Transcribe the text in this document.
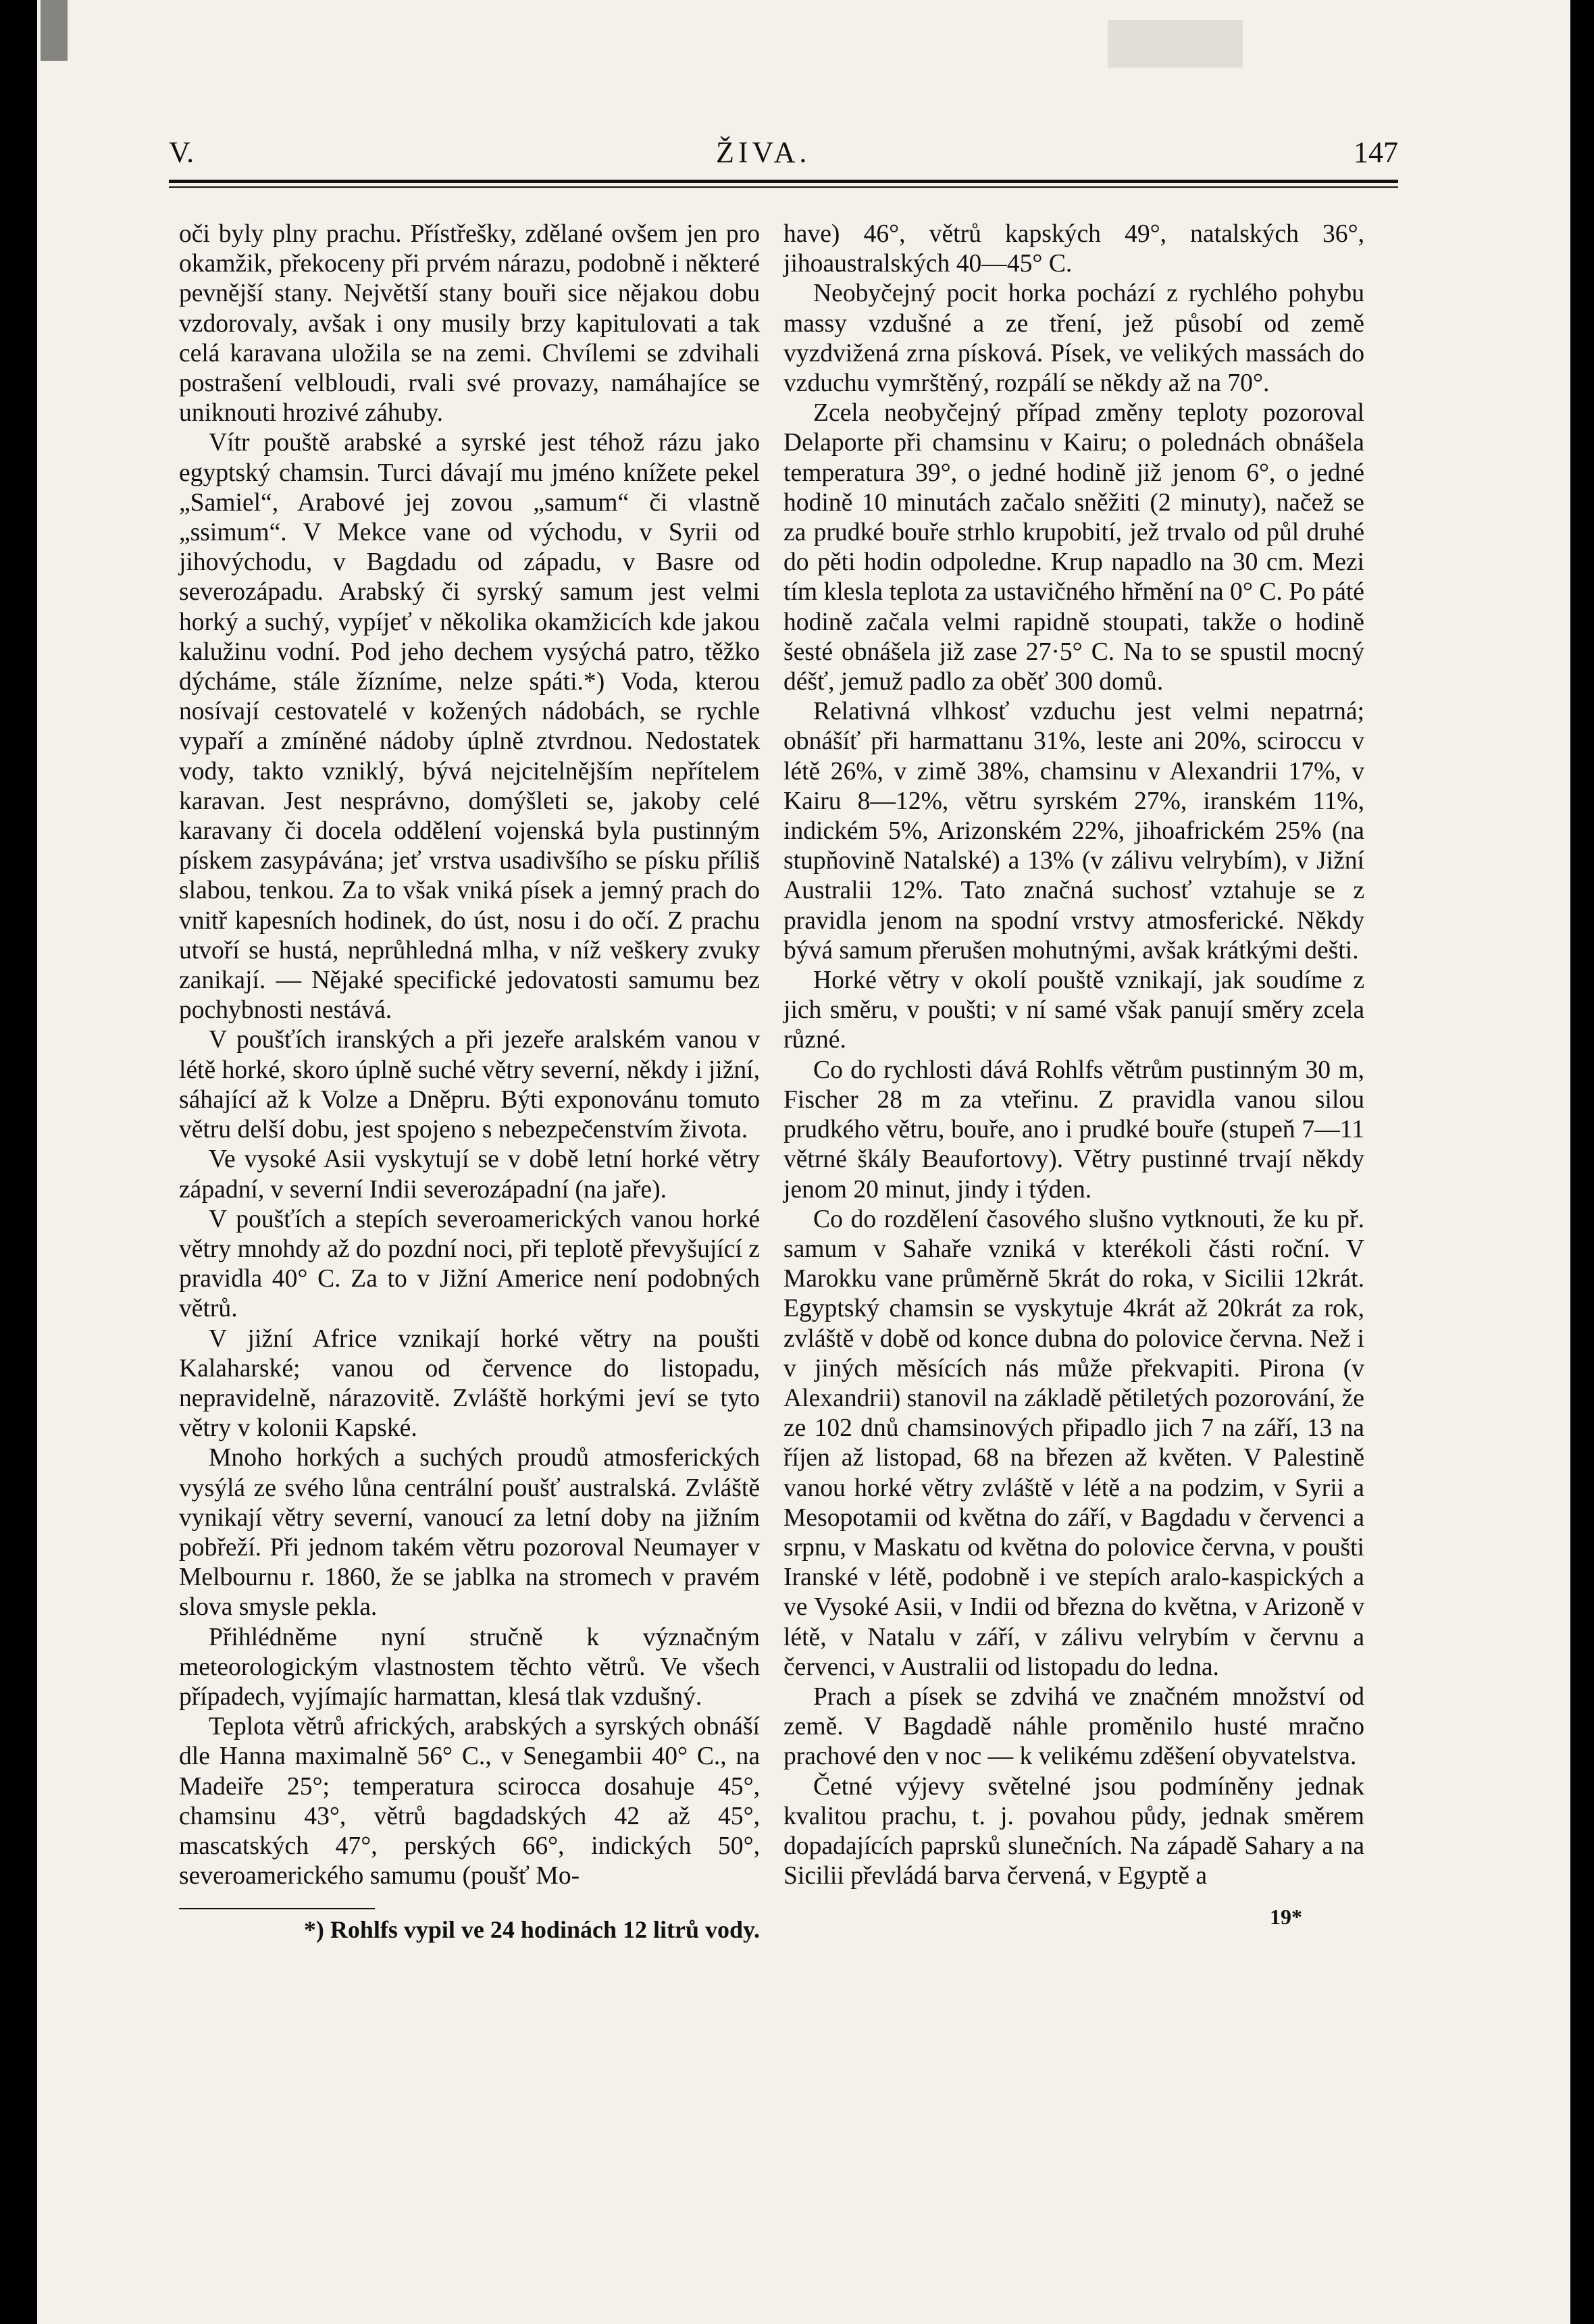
V.	ŽIVA.	147

oči byly plny prachu. Přístřešky, zdělané ovšem jen pro okamžik, překoceny při prvém nárazu, podobně i některé pevnější stany. Největší stany bouři sice nějakou dobu vzdorovaly, avšak i ony musily brzy kapitulovati a tak celá karavana uložila se na zemi. Chvílemi se zdvihali postrašení velbloudi, rvali své provazy, namáhajíce se uniknouti hrozivé záhuby.

Vítr pouště arabské a syrské jest téhož rázu jako egyptský chamsin. Turci dávají mu jméno knížete pekel „Samiel“, Arabové jej zovou „samum“ či vlastně „ssimum“. V Mekce vane od východu, v Syrii od jihovýchodu, v Bagdadu od západu, v Basre od severozápadu. Arabský či syrský samum jest velmi horký a suchý, vypíjeť v několika okamžicích kde jakou kalužinu vodní. Pod jeho dechem vysýchá patro, těžko dýcháme, stále žízníme, nelze spáti.*) Voda, kterou nosívají cestovatelé v kožených nádobách, se rychle vypaří a zmíněné nádoby úplně ztvrdnou. Nedostatek vody, takto vzniklý, bývá nejcitelnějším nepřítelem karavan. Jest nesprávno, domýšleti se, jakoby celé karavany či docela oddělení vojenská byla pustinným pískem zasypávána; jeť vrstva usadivšího se písku příliš slabou, tenkou. Za to však vniká písek a jemný prach do vnitř kapesních hodinek, do úst, nosu i do očí. Z prachu utvoří se hustá, neprůhledná mlha, v níž veškery zvuky zanikají. — Nějaké specifické jedovatosti samumu bez pochybnosti nestává.

V poušťích iranských a při jezeře aralském vanou v létě horké, skoro úplně suché větry severní, někdy i jižní, sáhající až k Volze a Dněpru. Býti exponovánu tomuto větru delší dobu, jest spojeno s nebezpečenstvím života.

Ve vysoké Asii vyskytují se v době letní horké větry západní, v severní Indii severozápadní (na jaře).

V poušťích a stepích severoamerických vanou horké větry mnohdy až do pozdní noci, při teplotě převyšující z pravidla 40° C. Za to v Jižní Americe není podobných větrů.

V jižní Africe vznikají horké větry na poušti Kalaharské; vanou od července do listopadu, nepravidelně, nárazovitě. Zvláště horkými jeví se tyto větry v kolonii Kapské.

Mnoho horkých a suchých proudů atmosferických vysýlá ze svého lůna centrální poušť australská. Zvláště vynikají větry severní, vanoucí za letní doby na jižním pobřeží. Při jednom takém větru pozoroval Neumayer v Melbournu r. 1860, že se jablka na stromech v pravém slova smysle pekla.

Přihlédněme nyní stručně k význačným meteorologickým vlastnostem těchto větrů. Ve všech případech, vyjímajíc harmattan, klesá tlak vzdušný.

Teplota větrů afrických, arabských a syrských obnáší dle Hanna maximalně 56° C., v Senegambii 40° C., na Madeiře 25°; temperatura scirocca dosahuje 45°, chamsinu 43°, větrů bagdadských 42 až 45°, mascatských 47°, perských 66°, indických 50°, severoamerického samumu (poušť Mo-

have) 46°, větrů kapských 49°, natalských 36°, jihoaustralských 40—45° C.

Neobyčejný pocit horka pochází z rychlého pohybu massy vzdušné a ze tření, jež působí od země vyzdvižená zrna písková. Písek, ve velikých massách do vzduchu vymrštěný, rozpálí se někdy až na 70°.

Zcela neobyčejný případ změny teploty pozoroval Delaporte při chamsinu v Kairu; o polednách obnášela temperatura 39°, o jedné hodině již jenom 6°, o jedné hodině 10 minutách začalo sněžiti (2 minuty), načež se za prudké bouře strhlo krupobití, jež trvalo od půl druhé do pěti hodin odpoledne. Krup napadlo na 30 cm. Mezi tím klesla teplota za ustavičného hřmění na 0° C. Po páté hodině začala velmi rapidně stoupati, takže o hodině šesté obnášela již zase 27·5° C. Na to se spustil mocný déšť, jemuž padlo za oběť 300 domů.

Relativná vlhkosť vzduchu jest velmi nepatrná; obnášíť při harmattanu 31%, leste ani 20%, sciroccu v létě 26%, v zimě 38%, chamsinu v Alexandrii 17%, v Kairu 8—12%, větru syrském 27%, iranském 11%, indickém 5%, Arizonském 22%, jihoafrickém 25% (na stupňovině Natalské) a 13% (v zálivu velrybím), v Jižní Australii 12%. Tato značná suchosť vztahuje se z pravidla jenom na spodní vrstvy atmosferické. Někdy bývá samum přerušen mohutnými, avšak krátkými dešti.

Horké větry v okolí pouště vznikají, jak soudíme z jich směru, v poušti; v ní samé však panují směry zcela různé.

Co do rychlosti dává Rohlfs větrům pustinným 30 m, Fischer 28 m za vteřinu. Z pravidla vanou silou prudkého větru, bouře, ano i prudké bouře (stupeň 7—11 větrné škály Beaufortovy). Větry pustinné trvají někdy jenom 20 minut, jindy i týden.

Co do rozdělení časového slušno vytknouti, že ku př. samum v Sahaře vzniká v kterékoli části roční. V Marokku vane průměrně 5krát do roka, v Sicilii 12krát. Egyptský chamsin se vyskytuje 4krát až 20krát za rok, zvláště v době od konce dubna do polovice června. Než i v jiných měsících nás může překvapiti. Pirona (v Alexandrii) stanovil na základě pětiletých pozorování, že ze 102 dnů chamsinových připadlo jich 7 na září, 13 na říjen až listopad, 68 na březen až květen. V Palestině vanou horké větry zvláště v létě a na podzim, v Syrii a Mesopotamii od května do září, v Bagdadu v červenci a srpnu, v Maskatu od května do polovice června, v poušti Iranské v létě, podobně i ve stepích aralo-kaspických a ve Vysoké Asii, v Indii od března do května, v Arizoně v létě, v Natalu v září, v zálivu velrybím v červnu a červenci, v Australii od listopadu do ledna.

Prach a písek se zdvihá ve značném množství od země. V Bagdadě náhle proměnilo husté mračno prachové den v noc — k velikému zděšení obyvatelstva.

Četné výjevy světelné jsou podmíněny jednak kvalitou prachu, t. j. povahou půdy, jednak směrem dopadajících paprsků slunečních. Na západě Sahary a na Sicilii převládá barva červená, v Egyptě a

*) Rohlfs vypil ve 24 hodinách 12 litrů vody.	19*
